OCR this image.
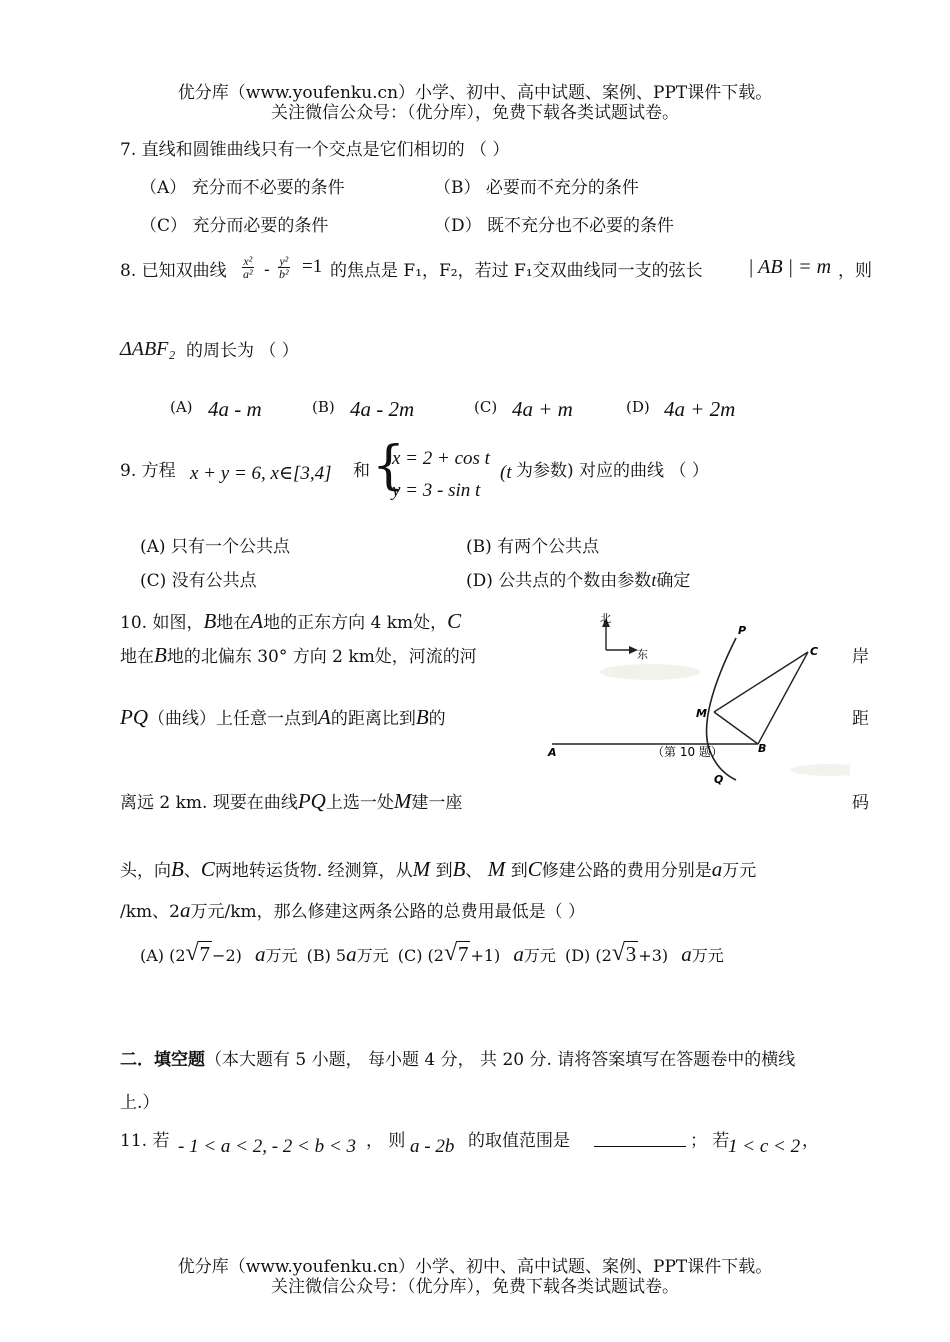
优分库（www.youfenku.cn）小学、初中、高中试题、案例、PPT课件下载。
关注微信公众号：（优分库），免费下载各类试题试卷。
7. 直线和圆锥曲线只有一个交点是它们相切的 （ ）
（A） 充分而不必要的条件	（B） 必要而不充分的条件
（C） 充分而必要的条件	（D） 既不充分也不必要的条件
8. 已知双曲线 $\frac{\text{x²}}{\text{a²}} - \frac{\text{y²}}{\text{b²}} =1$ 的焦点是 F₁，F₂，若过 F₁交双曲线同一支的弦长 | AB | = m ，则
ΔABF₂ 的周长为 （ ）
(A) 4a - m	(B) 4a - 2m	(C) 4a + m	(D) 4a + 2m
9. 方程 x + y = 6, x∈[3,4] 和 {
x = 2 + cos t
y = 3 - sin t
(t 为参数) 对应的曲线 （ ）
(A) 只有一个公共点	(B) 有两个公共点
(C) 没有公共点	(D) 公共点的个数由参数t确定
10. 如图，B地在A地的正东方向 4 km处，C
地在B地的北偏东 30° 方向 2 km处，河流的河	岸
PQ（曲线）上任意一点到A的距离比到B的	距
离远 2 km. 现要在曲线PQ上选一处M建一座	码
头，向B、C两地转运货物. 经测算，从M 到B、 M 到C修建公路的费用分别是a万元
/km、2a万元/km，那么修建这两条公路的总费用最低是（ ）
(A) (2 √ 7 −2) a万元 (B) 5a万元 (C) (2 √ 7 +1) a万元 (D) (2 √ 3 +3) a万元
北
东
P
C
M
A	B
Q
（第 10 题）
二．填空题（本大题有 5 小题， 每小题 4 分， 共 20 分. 请将答案填写在答题卷中的横线
上.）
11. 若 - 1 < a < 2, - 2 < b < 3 ， 则 a - 2b 的取值范围是	； 若
1 < c < 2 ，
优分库（www.youfenku.cn）小学、初中、高中试题、案例、PPT课件下载。
关注微信公众号：（优分库），免费下载各类试题试卷。
